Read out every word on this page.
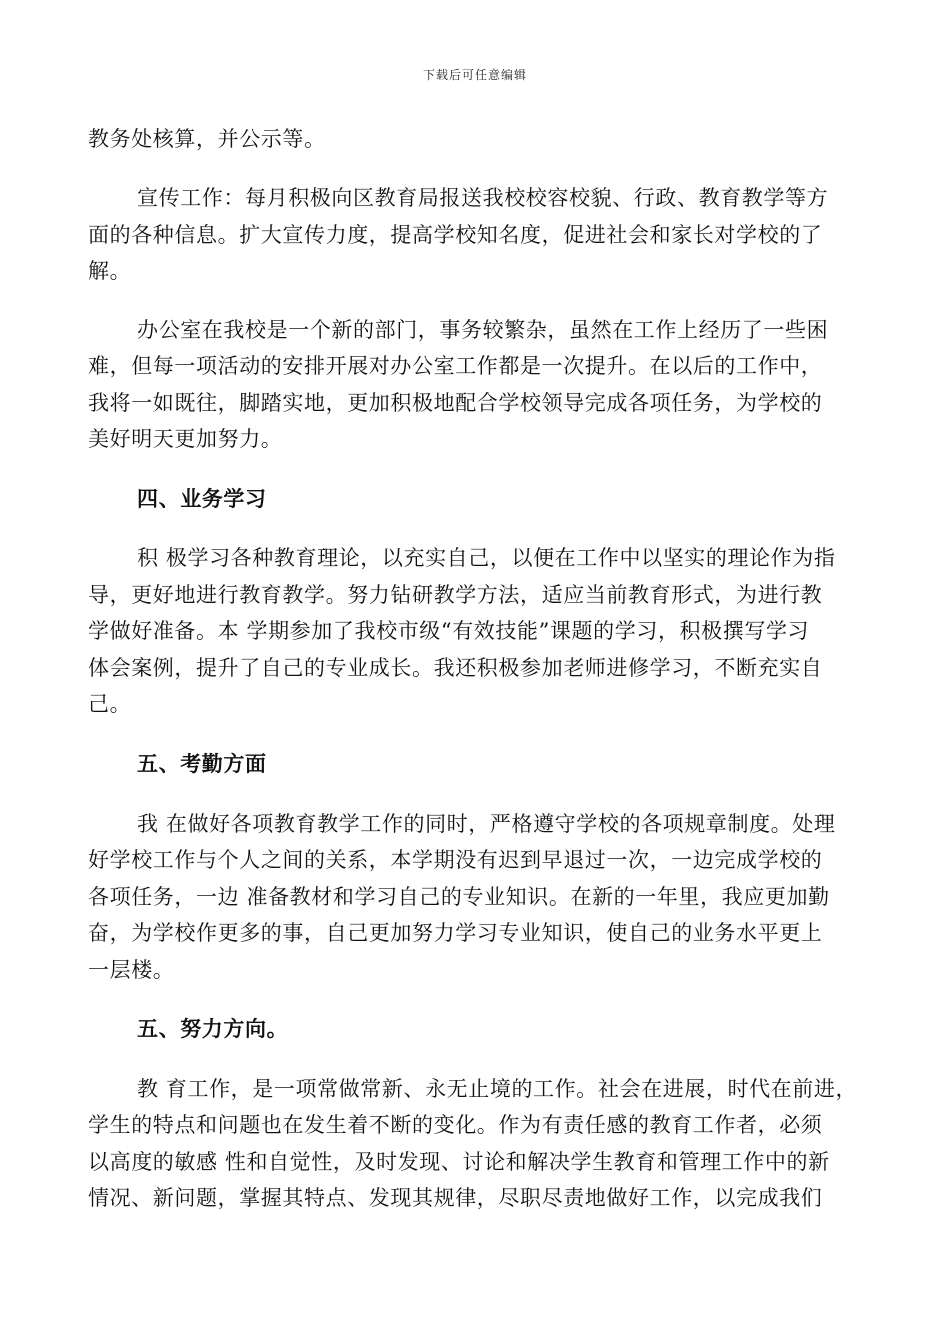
下载后可任意编辑
教务处核算，并公示等。
宣传工作：每月积极向区教育局报送我校校容校貌、行政、教育教学等方
面的各种信息。扩大宣传力度，提高学校知名度，促进社会和家长对学校的了
解。
办公室在我校是一个新的部门，事务较繁杂，虽然在工作上经历了一些困
难，但每一项活动的安排开展对办公室工作都是一次提升。在以后的工作中，
我将一如既往，脚踏实地，更加积极地配合学校领导完成各项任务，为学校的
美好明天更加努力。
四、业务学习
积 极学习各种教育理论，以充实自己，以便在工作中以坚实的理论作为指
导，更好地进行教育教学。努力钻研教学方法，适应当前教育形式，为进行教
学做好准备。本 学期参加了我校市级“有效技能”课题的学习，积极撰写学习
体会案例，提升了自己的专业成长。我还积极参加老师进修学习，不断充实自
己。
五、考勤方面
我 在做好各项教育教学工作的同时，严格遵守学校的各项规章制度。处理
好学校工作与个人之间的关系，本学期没有迟到早退过一次，一边完成学校的
各项任务，一边 准备教材和学习自己的专业知识。在新的一年里，我应更加勤
奋，为学校作更多的事，自己更加努力学习专业知识，使自己的业务水平更上
一层楼。
五、努力方向。
教 育工作，是一项常做常新、永无止境的工作。社会在进展，时代在前进，
学生的特点和问题也在发生着不断的变化。作为有责任感的教育工作者，必须
以高度的敏感 性和自觉性，及时发现、讨论和解决学生教育和管理工作中的新
情况、新问题，掌握其特点、发现其规律，尽职尽责地做好工作，以完成我们
